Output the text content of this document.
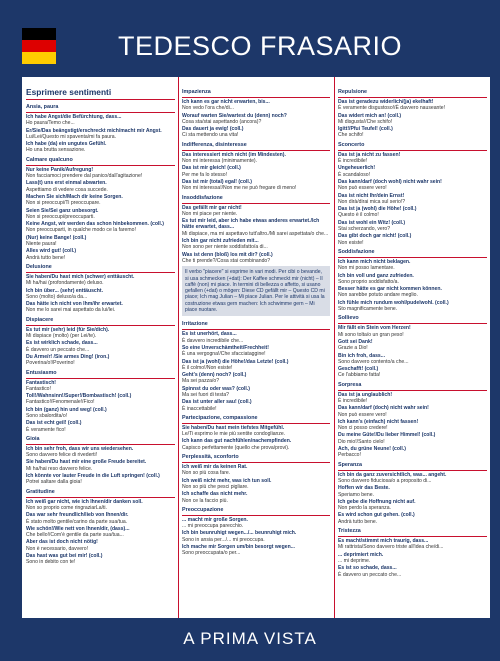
TEDESCO FRASARIO
Esprimere sentimenti
Ansia, paura
Ich habe Angst/die Befürchtung, dass...
Ho paura/Temo che...
Er/Sie/Das beängstigt/erschreckt mich/macht mir Angst.
Lui/Lei/Questo mi spaventa/mi fa paura.
Ich habe (da) ein ungutes Gefühl.
Ho una brutta sensazione.
Calmare qualcuno
Nur keine Panik/Aufregung!
Non facciamoci prendere dal panico/dall'agitazione!
Lass(t) uns erst einmal abwarten.
Aspettiamo di vedere cosa succede.
Machen Sie sich/Mach dir keine Sorgen.
Non si preoccupi/Ti preoccupare.
Seien Sie/Sei ganz unbesorgt.
Non si preoccupi/preoccuparti.
Keine Angst, wir werden das schon hinbekommen. (coll.)
Non preoccuparti, in qualche modo ce la faremo!
(Nur) keine Bange! (coll.)
Niente paura!
Alles wird gut! (coll.)
Andrà tutto bene!
Delusione
Sie haben/Du hast mich (schwer) enttäuscht.
Mi ha/hai (profondamente) deluso.
Ich bin über... (sehr) enttäuscht.
Sono (molto) deluso/a da...
Das hätte ich nicht von Ihm/ihr erwartet.
Non me lo sarei mai aspettato da lui/lei.
Dispiacere
Es tut mir (sehr) leid (für Sie/dich).
Mi dispiace (molto) (per Lei/te).
Es ist wirklich schade, dass...
È davvero un peccato che...
Du Arme/r! /Sie armes Ding! (iron.)
Poverina/o!/Poverino!
Entusiasmo
Fantastisch!
Fantastico!
Toll!/Wahnsinn!/Super!/Bombastisch! (coll.)
Fantastico!/Fenomenale!/Fico!
Ich bin (ganz) hin und weg! (coll.)
Sono sbalordita/o!
Das ist echt geil! (coll.)
È veramente fico!
Gioia
Ich bin sehr froh, dass wir uns wiedersehen.
Sono davvero felice di rivederti!
Sie haben/Du hast mir eine große Freude bereitet.
Mi ha/hai reso davvero felice.
Ich könnte vor lauter Freude in die Luft springen! (coll.)
Potrei saltare dalla gioia!
Gratitudine
Ich weiß gar nicht, wie ich Ihnen/dir danken soll.
Non so proprio come ringraziarLa/ti.
Das war sehr freundlich/lieb von Ihnen/dir.
È stato molto gentile/carino da parte sua/tua.
Wie schön!/Wie nett von Ihnen/dir, (dass)...
Che bello!/Com'è gentile da parte sua/tua...
Aber das ist doch nicht nötig!
Non è necessario, davvero!
Das hast was gut bei mir! (coll.)
Sono in debito con te!
Impazienza
Ich kann es gar nicht erwarten, bis...
Non vedo l'ora che/di...
Worauf warten Sie/wartest du (denn) noch?
Cosa sta/stai aspettando (ancora)?
Das dauert ja ewig! (coll.)
Ci sta mettendo una vita!
Indifferenza, disinteresse
Das interessiert mich nicht (im Mindesten).
Non mi interessa (minimamente).
Das ist mir gleich! (coll.)
Per me fa lo stesso!
Das ist mir (total) egal! (coll.)
Non mi interessa!/Non me ne può fregare di meno!
Insoddisfazione
Das gefällt mir gar nicht!
Non mi piace per niente.
Es tut mir leid, aber ich habe etwas anderes erwartet./Ich hätte erwartet, dass...
Mi dispiace, ma mi aspettavo tutt'altro./Mi sarei aspettata/o che...
Ich bin gar nicht zufrieden mit...
Non sono per niente soddisfatto/a di...
Was ist denn (bloß) los mit dir? (coll.)
Che ti prende?/Cosa stai combinando?
Il verbo "piacere" si esprime in vari modi. Per cibi o bevande, si usa schmecken (+dat): Der Kaffee schmeckt mir (nicht) – Il caffè (non) mi piace. In termini di bellezza o affetto, si usano gefallen (+dat) o mögen: Diese CD gefällt mir – Questo CD mi piace; Ich mag Julian – Mi piace Julian. Per le attività si usa la costruzione etwas gern machen: Ich schwimme gern – Mi piace nuotare.
Irritazione
Es ist unerhört, dass...
È davvero incredibile che...
So eine Unverschämtheit/Frechheit!
È una vergogna!/Che sfacciataggine!
Das ist ja (wohl) die Höhe!/das Letzte! (coll.)
È il colmo!/Non esiste!
Geht's (denn) noch? (coll.)
Ma sei pazza/o?
Spinnst du oder was? (coll.)
Ma sei fuori di testa?
Das ist unter aller sau! (coll.)
È inaccettabile!
Partecipazione, compassione
Sie haben/Du hast mein tiefstes Mitgefühl.
Le/Ti esprimo le mie più sentite condoglianze.
Ich kann das gut nachfühlen/nachempfinden.
Capisco perfettamente (quello che prova/provi).
Perplessità, sconforto
Ich weiß mir da keinen Rat.
Non so più cosa fare.
Ich weiß nicht mehr, was ich tun soll.
Non so più che pesci pigliare.
Ich schaffe das nicht mehr.
Non ce la faccio più.
Preoccupazione
... macht mir große Sorgen.
... mi preoccupa parecchio.
Ich bin beunruhigt wegen.../... beunruhigt mich.
Sono in ansia per.../... mi preoccupa.
Ich mache mir Sorgen um/bin besorgt wegen...
Sono preoccupata/o per...
Repulsione
Das ist geradezu widerlich/(ja) ekelhaft!
È veramente disgustoso!/È davvero nauseante!
Das widert mich an! (coll.)
Mi disgusta!/Che schifo!
Igitt!/Pfui Teufel! (coll.)
Che schifo!
Sconcerto
Das ist ja nicht zu fassen!
È incredibile!
Ungeheuerlich!
È scandaloso!
Das kann/darf (doch wohl) nicht wahr sein!
Non può essere vero!
Das ist nicht Ihr/dein Ernst!
Non dirà/dirai mica sul serio!?
Das ist ja (wohl) die Höhe! (coll.)
Questo è il colmo!
Das ist wohl ein Witz! (coll.)
Stai scherzando, vero?
Das gibt doch gar nicht! (coll.)
Non esiste!
Soddisfazione
Ich kann mich nicht beklagen.
Non mi posso lamentare.
Ich bin voll und ganz zufrieden.
Sono proprio soddisfatto/a.
Besser hätte es gar nicht kommen können.
Non sarebbe potuto andare meglio.
Ich fühle mich rundum wohl/pudelwohl. (coll.)
Sto magnificamente bene.
Sollievo
Mir fällt ein Stein vom Herzen!
Mi sono tolta/o un gran peso!
Gott sei Dank!
Grazie a Dio!
Bin ich froh, dass...
Sono davvero contento/a che...
Geschafft! (coll.)
Ce l'abbiamo fatta!
Sorpresa
Das ist ja unglaublich!
È incredibile!
Das kann/darf (doch) nicht wahr sein!
Non può essere vero!
Ich kann's (einfach) nicht fassen!
Non ci posso credere!
Du meine Güte!/Du lieber Himmel! (coll.)
Dio mio!/Santo cielo!
Ach, du grüne Neune! (coll.)
Perbacco!
Speranza
Ich bin da ganz zuversichtlich, was... angeht.
Sono davvero fiduciosa/o a proposito di...
Hoffen wir das Beste.
Speriamo bene.
Ich gebe die Hoffnung nicht auf.
Non perdo la speranza.
Es wird schon gut gehen. (coll.)
Andrà tutto bene.
Tristezza
Es macht/stimmt mich traurig, dass...
Mi rattrista/Sono davvero triste all'idea che/di...
... deprimiert mich.
... mi deprime.
Es ist so schade, dass...
È davvero un peccato che...
A PRIMA VISTA
